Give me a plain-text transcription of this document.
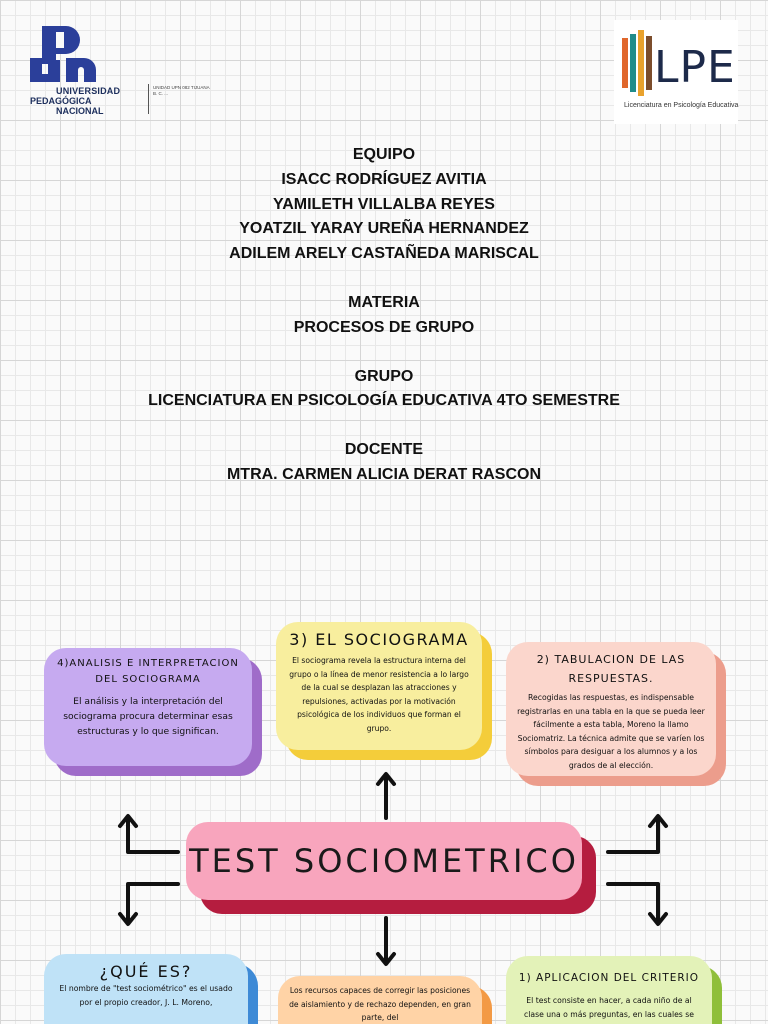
UNIVERSIDAD
PEDAGÓGICA
NACIONAL
UNIDAD UPN 082 TIJUANA B. C. ...
LPE
Licenciatura en Psicología Educativa
EQUIPO
ISACC RODRÍGUEZ AVITIA
YAMILETH VILLALBA REYES
YOATZIL YARAY UREÑA HERNANDEZ
ADILEM ARELY CASTAÑEDA MARISCAL
MATERIA
PROCESOS DE GRUPO
GRUPO
LICENCIATURA EN PSICOLOGÍA EDUCATIVA 4TO SEMESTRE
DOCENTE
MTRA. CARMEN ALICIA DERAT RASCON
4)ANALISIS E INTERPRETACION DEL SOCIOGRAMA
El análisis y la interpretación del sociograma procura determinar esas estructuras y lo que significan.
3) EL SOCIOGRAMA
El sociograma revela la estructura interna del grupo o la línea de menor resistencia a lo largo de la cual se desplazan las atracciones y repulsiones, activadas por la motivación psicológica de los individuos que forman el grupo.
2) TABULACION DE LAS RESPUESTAS.
Recogidas las respuestas, es indispensable registrarlas en una tabla en la que se pueda leer fácilmente a esta tabla, Moreno la llamo Sociomatriz. La técnica admite que se varíen los símbolos para desiguar a los alumnos y a los grados de al elección.
TEST SOCIOMETRICO
¿QUÉ ES?
El nombre de "test sociométrico" es el usado por el propio creador, J. L. Moreno,
Los recursos capaces de corregir las posiciones de aislamiento y de rechazo dependen, en gran parte, del
1) APLICACION DEL CRITERIO
El test consiste en hacer, a cada niño de al clase una o más preguntas, en las cuales se
